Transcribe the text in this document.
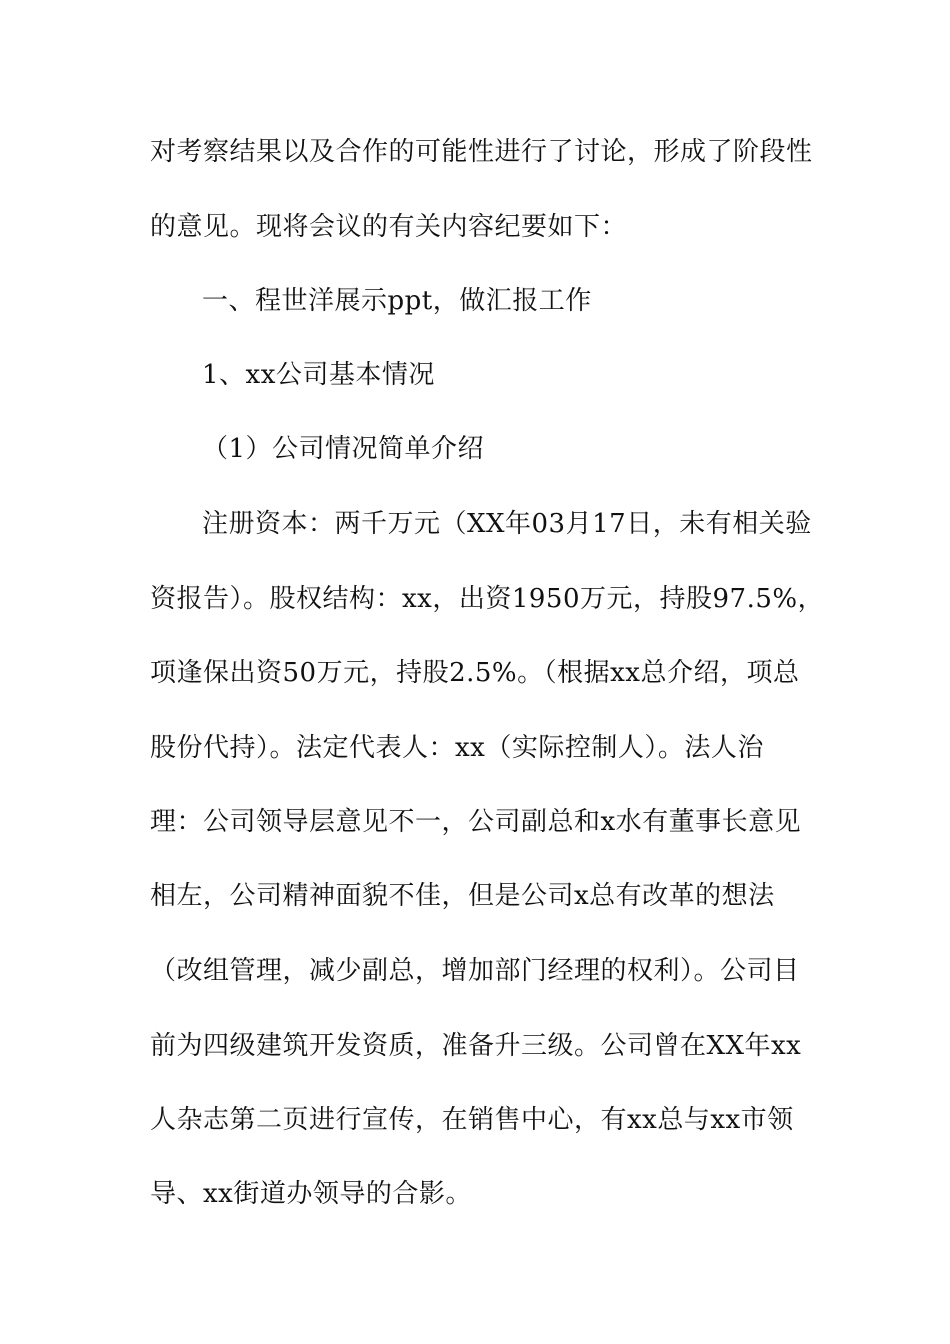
对考察结果以及合作的可能性进行了讨论，形成了阶段性
的意见。现将会议的有关内容纪要如下：
一、程世洋展示ppt，做汇报工作
1、xx公司基本情况
（1）公司情况简单介绍
注册资本：两千万元（XX年03月17日，未有相关验
资报告）。股权结构：xx，出资1950万元，持股97.5%，
项逢保出资50万元，持股2.5%。（根据xx总介绍，项总
股份代持）。法定代表人：xx（实际控制人）。法人治
理：公司领导层意见不一，公司副总和x水有董事长意见
相左，公司精神面貌不佳，但是公司x总有改革的想法
（改组管理，减少副总，增加部门经理的权利）。公司目
前为四级建筑开发资质，准备升三级。公司曾在XX年xx
人杂志第二页进行宣传，在销售中心，有xx总与xx市领
导、xx街道办领导的合影。
